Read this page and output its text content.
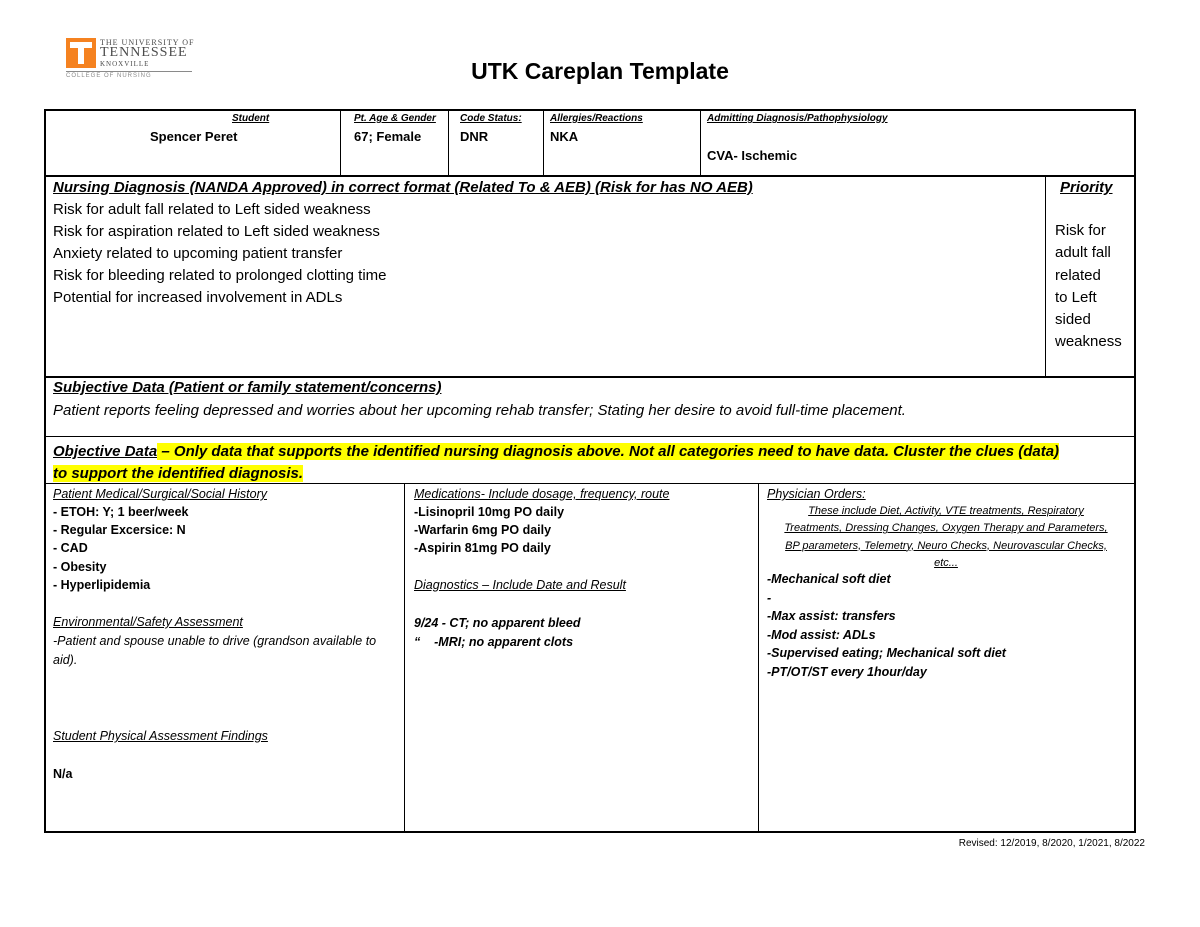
THE UNIVERSITY OF
TENNESSEE
KNOXVILLE
COLLEGE OF NURSING	UTK Careplan Template
Student
Spencer Peret
Pt. Age & Gender
67; Female
Code Status:
DNR
Allergies/Reactions
NKA
Admitting Diagnosis/Pathophysiology
CVA- Ischemic
Nursing Diagnosis (NANDA Approved) in correct format (Related To & AEB) (Risk for has NO AEB)
Risk for adult fall related to Left sided weakness
Risk for aspiration related to Left sided weakness
Anxiety related to upcoming patient transfer
Risk for bleeding related to prolonged clotting time
Potential for increased involvement in ADLs
Priority
Risk for
adult fall
related
to Left
sided
weakness
Subjective Data (Patient or family statement/concerns)
Patient reports feeling depressed and worries about her upcoming rehab transfer; Stating her desire to avoid full-time placement.
Objective Data – Only data that supports the identified nursing diagnosis above. Not all categories need to have data. Cluster the clues (data)
to support the identified diagnosis.
Patient Medical/Surgical/Social History
- ETOH: Y; 1 beer/week
- Regular Excersice: N
- CAD
- Obesity
- Hyperlipidemia
Environmental/Safety Assessment
-Patient and spouse unable to drive (grandson available to aid).
Student Physical Assessment Findings
N/a
Medications- Include dosage, frequency, route
-Lisinopril 10mg PO daily
-Warfarin 6mg PO daily
-Aspirin 81mg PO daily
Diagnostics – Include Date and Result
9/24 - CT; no apparent bleed
“    -MRI; no apparent clots
Physician Orders:
These include Diet, Activity, VTE treatments, Respiratory
Treatments, Dressing Changes, Oxygen Therapy and Parameters,
BP parameters, Telemetry, Neuro Checks, Neurovascular Checks,
etc...
-Mechanical soft diet
-
-Max assist: transfers
-Mod assist: ADLs
-Supervised eating; Mechanical soft diet
-PT/OT/ST every 1hour/day
Revised: 12/2019, 8/2020, 1/2021, 8/2022
